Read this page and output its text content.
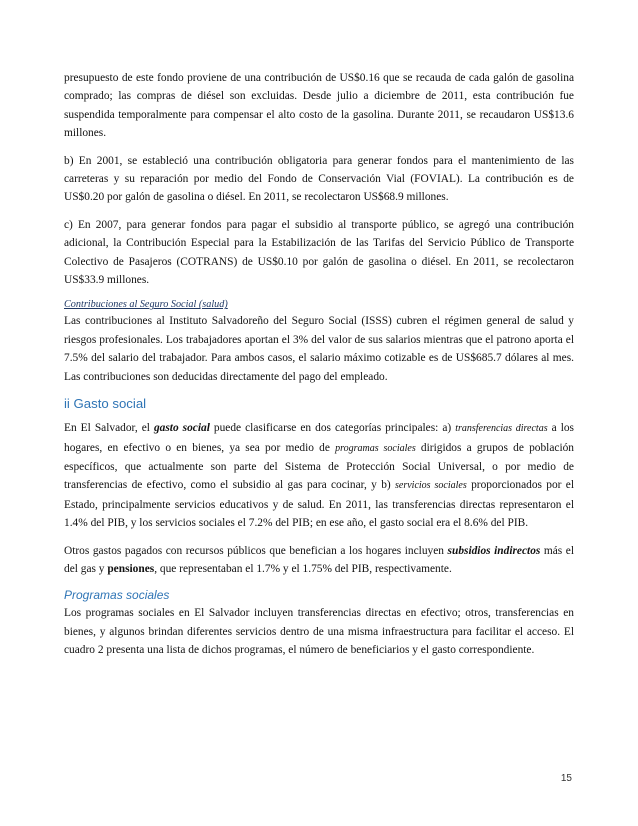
presupuesto de este fondo proviene de una contribución de US$0.16 que se recauda de cada galón de gasolina comprado; las compras de diésel son excluidas. Desde julio a diciembre de 2011, esta contribución fue suspendida temporalmente para compensar el alto costo de la gasolina. Durante 2011, se recaudaron US$13.6 millones.

b) En 2001, se estableció una contribución obligatoria para generar fondos para el mantenimiento de las carreteras y su reparación por medio del Fondo de Conservación Vial (FOVIAL). La contribución es de US$0.20 por galón de gasolina o diésel. En 2011, se recolectaron US$68.9 millones.

c) En 2007, para generar fondos para pagar el subsidio al transporte público, se agregó una contribución adicional, la Contribución Especial para la Estabilización de las Tarifas del Servicio Público de Transporte Colectivo de Pasajeros (COTRANS) de US$0.10 por galón de gasolina o diésel. En 2011, se recolectaron US$33.9 millones.

Contribuciones al Seguro Social (salud)

Las contribuciones al Instituto Salvadoreño del Seguro Social (ISSS) cubren el régimen general de salud y riesgos profesionales. Los trabajadores aportan el 3% del valor de sus salarios mientras que el patrono aporta el 7.5% del salario del trabajador. Para ambos casos, el salario máximo cotizable es de US$685.7 dólares al mes. Las contribuciones son deducidas directamente del pago del empleado.

ii Gasto social

En El Salvador, el gasto social puede clasificarse en dos categorías principales: a) transferencias directas a los hogares, en efectivo o en bienes, ya sea por medio de programas sociales dirigidos a grupos de población específicos, que actualmente son parte del Sistema de Protección Social Universal, o por medio de transferencias de efectivo, como el subsidio al gas para cocinar, y b) servicios sociales proporcionados por el Estado, principalmente servicios educativos y de salud. En 2011, las transferencias directas representaron el 1.4% del PIB, y los servicios sociales el 7.2% del PIB; en ese año, el gasto social era el 8.6% del PIB.

Otros gastos pagados con recursos públicos que benefician a los hogares incluyen subsidios indirectos más el del gas y pensiones, que representaban el 1.7% y el 1.75% del PIB, respectivamente.

Programas sociales

Los programas sociales en El Salvador incluyen transferencias directas en efectivo; otros, transferencias en bienes, y algunos brindan diferentes servicios dentro de una misma infraestructura para facilitar el acceso. El cuadro 2 presenta una lista de dichos programas, el número de beneficiarios y el gasto correspondiente.

15
